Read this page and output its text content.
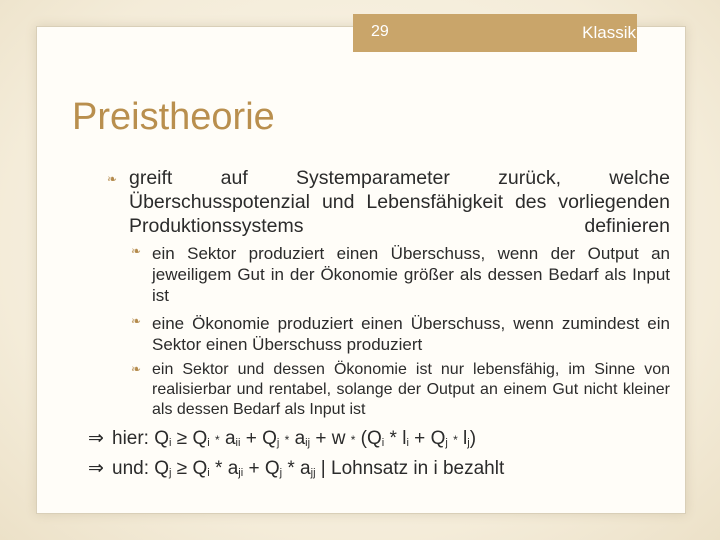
29	Klassik
Preistheorie
❧ greift auf Systemparameter zurück, welche Überschusspotenzial und Lebensfähigkeit des vorliegenden Produktionssystems definieren
❧ ein Sektor produziert einen Überschuss, wenn der Output an jeweiligem Gut in der Ökonomie größer als dessen Bedarf als Input ist
❧ eine Ökonomie produziert einen Überschuss, wenn zumindest ein Sektor einen Überschuss produziert
❧ ein Sektor und dessen Ökonomie ist nur lebensfähig, im Sinne von realisierbar und rentabel, solange der Output an einem Gut nicht kleiner als dessen Bedarf als Input ist
⇒ hier: $Q_i \ge Q_i * a_{ii} + Q_j * a_{ij} + w * (Q_i * l_i + Q_j * l_j)$
⇒ und: $Q_j \ge Q_i * a_{ji} + Q_j * a_{jj}$ | Lohnsatz in i bezahlt
